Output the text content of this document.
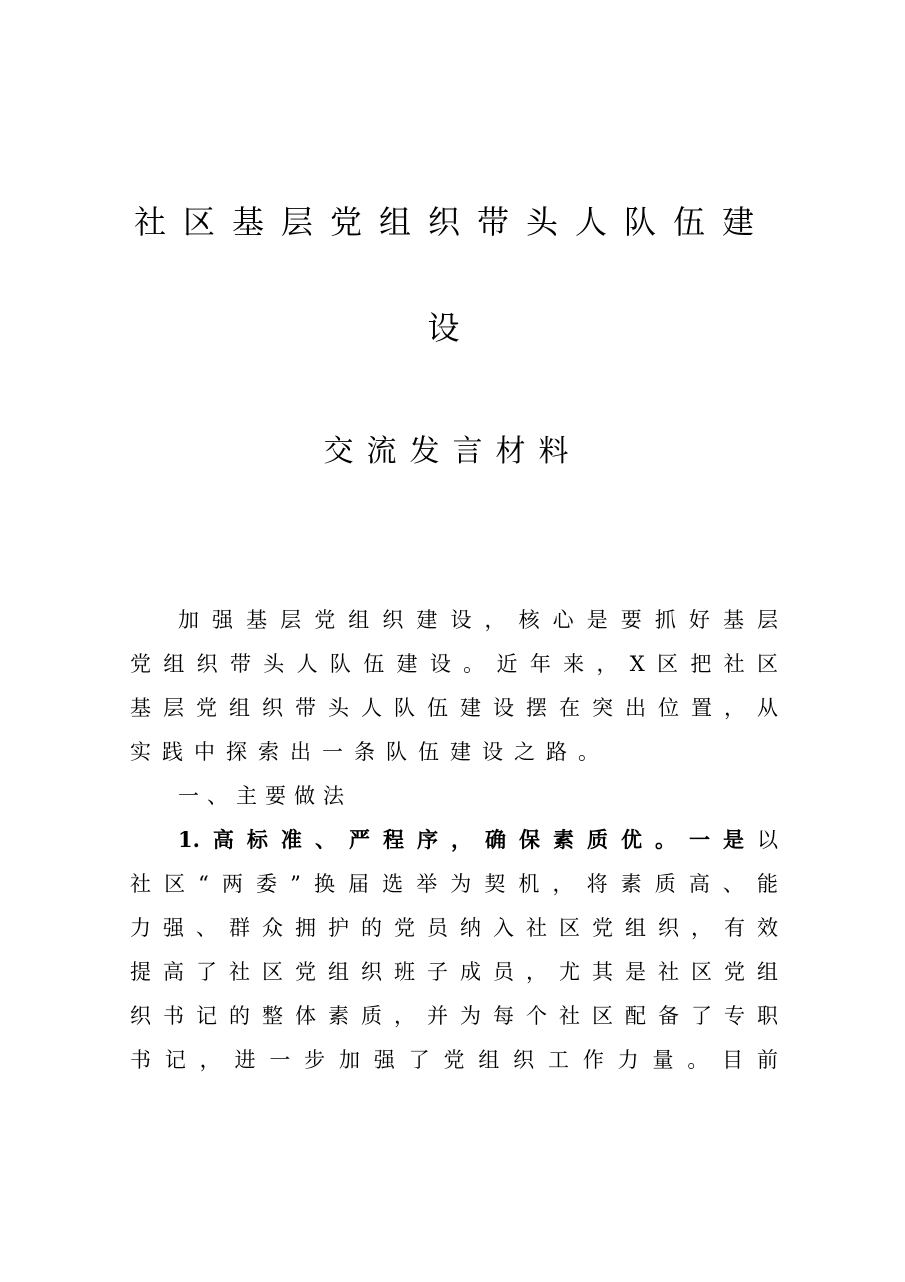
社区基层党组织带头人队伍建
设
交流发言材料
加强基层党组织建设，核心是要抓好基层
党组织带头人队伍建设。近年来，X区把社区
基层党组织带头人队伍建设摆在突出位置，从
实践中探索出一条队伍建设之路。
一、主要做法
1.高标准、严程序，确保素质优。一是以
社区“两委”换届选举为契机，将素质高、能
力强、群众拥护的党员纳入社区党组织，有效
提高了社区党组织班子成员，尤其是社区党组
织书记的整体素质，并为每个社区配备了专职
书记，进一步加强了党组织工作力量。目前
